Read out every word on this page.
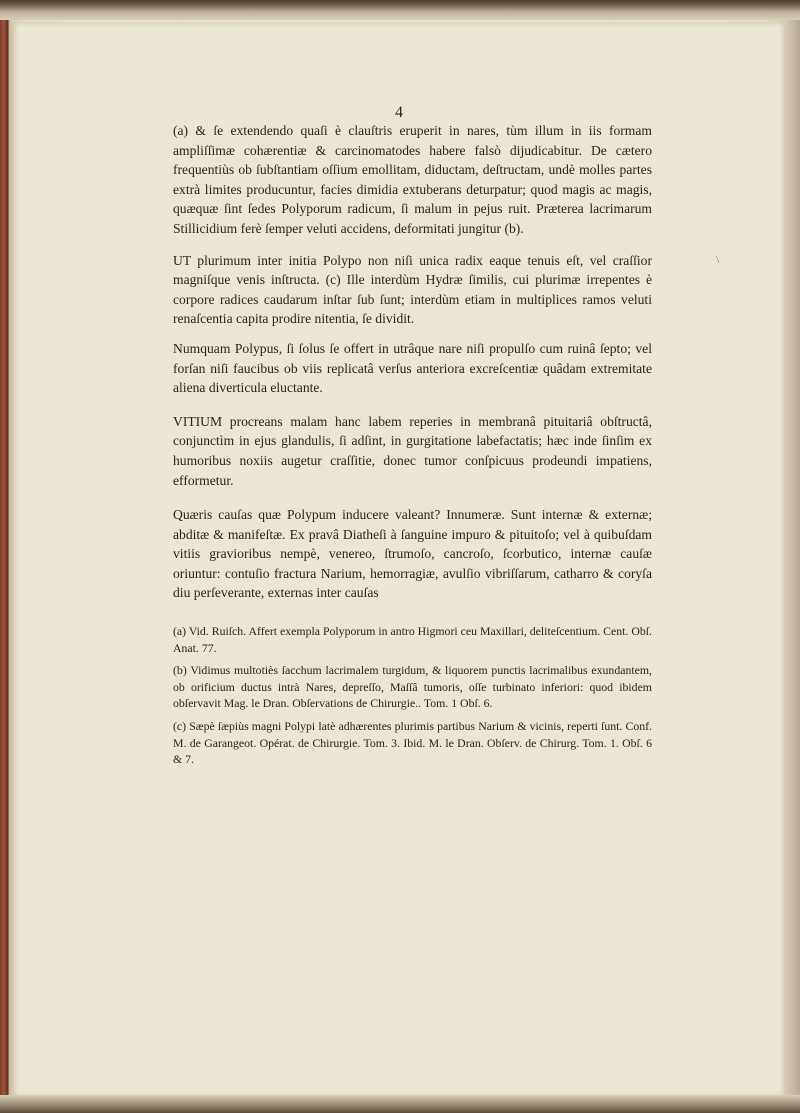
4
\

(a) & ſe extendendo quaſi è clauſtris eruperit in nares, tùm illum in iis formam ampliſſimæ cohærentiæ & carcinomatodes habere falsò dijudicabitur. De cætero frequentiùs ob ſubſtantiam oſſium emollitam, diductam, deſtructam, undè molles partes extrà limites producuntur, facies dimidia extuberans deturpatur; quod magis ac magis, quæquæ ſint ſedes Polyporum radicum, ſi malum in pejus ruit. Præterea lacrimarum Stillicidium ferè ſemper veluti accidens, deformitati jungitur (b).

UT plurimum inter initia Polypo non niſi unica radix eaque tenuis eſt, vel craſſior magniſque venis inſtructa. (c) Ille interdùm Hydræ ſimilis, cui plurimæ irrepentes è corpore radices caudarum inſtar ſub ſunt; interdùm etiam in multiplices ramos veluti renaſcentia capita prodire nitentia, ſe dividit.

Numquam Polypus, ſi ſolus ſe offert in utrâque nare niſi propulſo cum ruinâ ſepto; vel forſan niſi faucibus ob viis replicatâ verſus anteriora excreſcentiæ quâdam extremitate aliena diverticula eluctante.

VITIUM procreans malam hanc labem reperies in membranâ pituitariâ obſtructâ, conjunctìm in ejus glandulis, ſi adſint, in gurgitatione labefactatis; hæc inde ſinſim ex humoribus noxiis augetur craſſitie, donec tumor conſpicuus prodeundi impatiens, efformetur.

Quæris cauſas quæ Polypum inducere valeant? Innumeræ. Sunt internæ & externæ; abditæ & manifeſtæ. Ex pravâ Diatheſi à ſanguine impuro & pituitoſo; vel à quibuſdam vitiis gravioribus nempè, venereo, ſtrumoſo, cancroſo, ſcorbutico, internæ cauſæ oriuntur: contuſio fractura Narium, hemorragiæ, avulſio vibriſſarum, catharro & coryſa diu perſeverante, externas inter cauſas

(a) Vid. Ruiſch. Affert exempla Polyporum in antro Higmori ceu Maxillari, deliteſcentium. Cent. Obſ. Anat. 77.

(b) Vidimus multotiès ſacchum lacrimalem turgidum, & liquorem punctis lacrimalibus exundantem, ob orificium ductus intrà Nares, depreſſo, Maſſâ tumoris, oſſe turbinato inferiori: quod ibidem obſervavit Mag. le Dran. Obſervations de Chirurgie.. Tom. 1 Obſ. 6.

(c) Sæpè ſæpiùs magni Polypi latè adhærentes plurimis partibus Narium & vicinis, reperti ſunt. Conf. M. de Garangeot. Opérat. de Chirurgie. Tom. 3. Ibid. M. le Dran. Obſerv. de Chirurg. Tom. 1. Obſ. 6 & 7.
